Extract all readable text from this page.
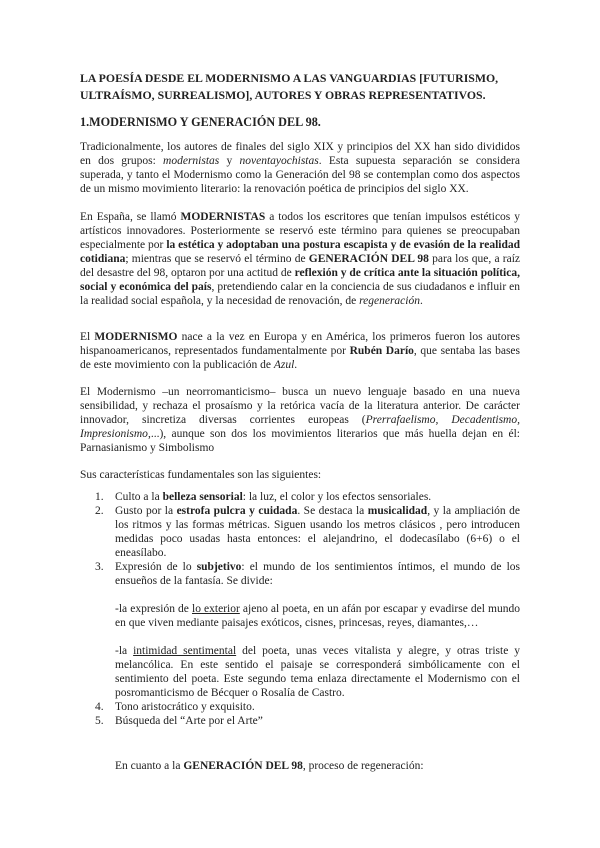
LA POESÍA DESDE EL MODERNISMO A LAS VANGUARDIAS [FUTURISMO, ULTRAÍSMO, SURREALISMO], AUTORES Y OBRAS REPRESENTATIVOS.
1.MODERNISMO Y GENERACIÓN DEL 98.

Tradicionalmente, los autores de finales del siglo XIX y principios del XX han sido divididos en dos grupos: modernistas y noventayochistas. Esta supuesta separación se considera superada, y tanto el Modernismo como la Generación del 98 se contemplan como dos aspectos de un mismo movimiento literario: la renovación poética de principios del siglo XX.

En España, se llamó MODERNISTAS a todos los escritores que tenían impulsos estéticos y artísticos innovadores. Posteriormente se reservó este término para quienes se preocupaban especialmente por la estética y adoptaban una postura escapista y de evasión de la realidad cotidiana; mientras que se reservó el término de GENERACIÓN DEL 98 para los que, a raíz del desastre del 98, optaron por una actitud de reflexión y de crítica ante la situación política, social y económica del país, pretendiendo calar en la conciencia de sus ciudadanos e influir en la realidad social española, y la necesidad de renovación, de regeneración.

El MODERNISMO nace a la vez en Europa y en América, los primeros fueron los autores hispanoamericanos, representados fundamentalmente por Rubén Darío, que sentaba las bases de este movimiento con la publicación de Azul.

El Modernismo –un neorromanticismo– busca un nuevo lenguaje basado en una nueva sensibilidad, y rechaza el prosaísmo y la retórica vacía de la literatura anterior. De carácter innovador, sincretiza diversas corrientes europeas (Prerrafaelismo, Decadentismo, Impresionismo,...), aunque son dos los movimientos literarios que más huella dejan en él: Parnasianismo y Simbolismo

Sus características fundamentales son las siguientes:

1. Culto a la belleza sensorial: la luz, el color y los efectos sensoriales.
2. Gusto por la estrofa pulcra y cuidada. Se destaca la musicalidad, y la ampliación de los ritmos y las formas métricas. Siguen usando los metros clásicos , pero introducen medidas poco usadas hasta entonces: el alejandrino, el dodecasílabo (6+6) o el eneasílabo.
3. Expresión de lo subjetivo: el mundo de los sentimientos íntimos, el mundo de los ensueños de la fantasía. Se divide:

-la expresión de lo exterior ajeno al poeta, en un afán por escapar y evadirse del mundo en que viven mediante paisajes exóticos, cisnes, princesas, reyes, diamantes,…

-la intimidad sentimental del poeta, unas veces vitalista y alegre, y otras triste y melancólica. En este sentido el paisaje se corresponderá simbólicamente con el sentimiento del poeta. Este segundo tema enlaza directamente el Modernismo con el posromanticismo de Bécquer o Rosalía de Castro.

4. Tono aristocrático y exquisito.
5. Búsqueda del “Arte por el Arte”

En cuanto a la GENERACIÓN DEL 98, proceso de regeneración:
